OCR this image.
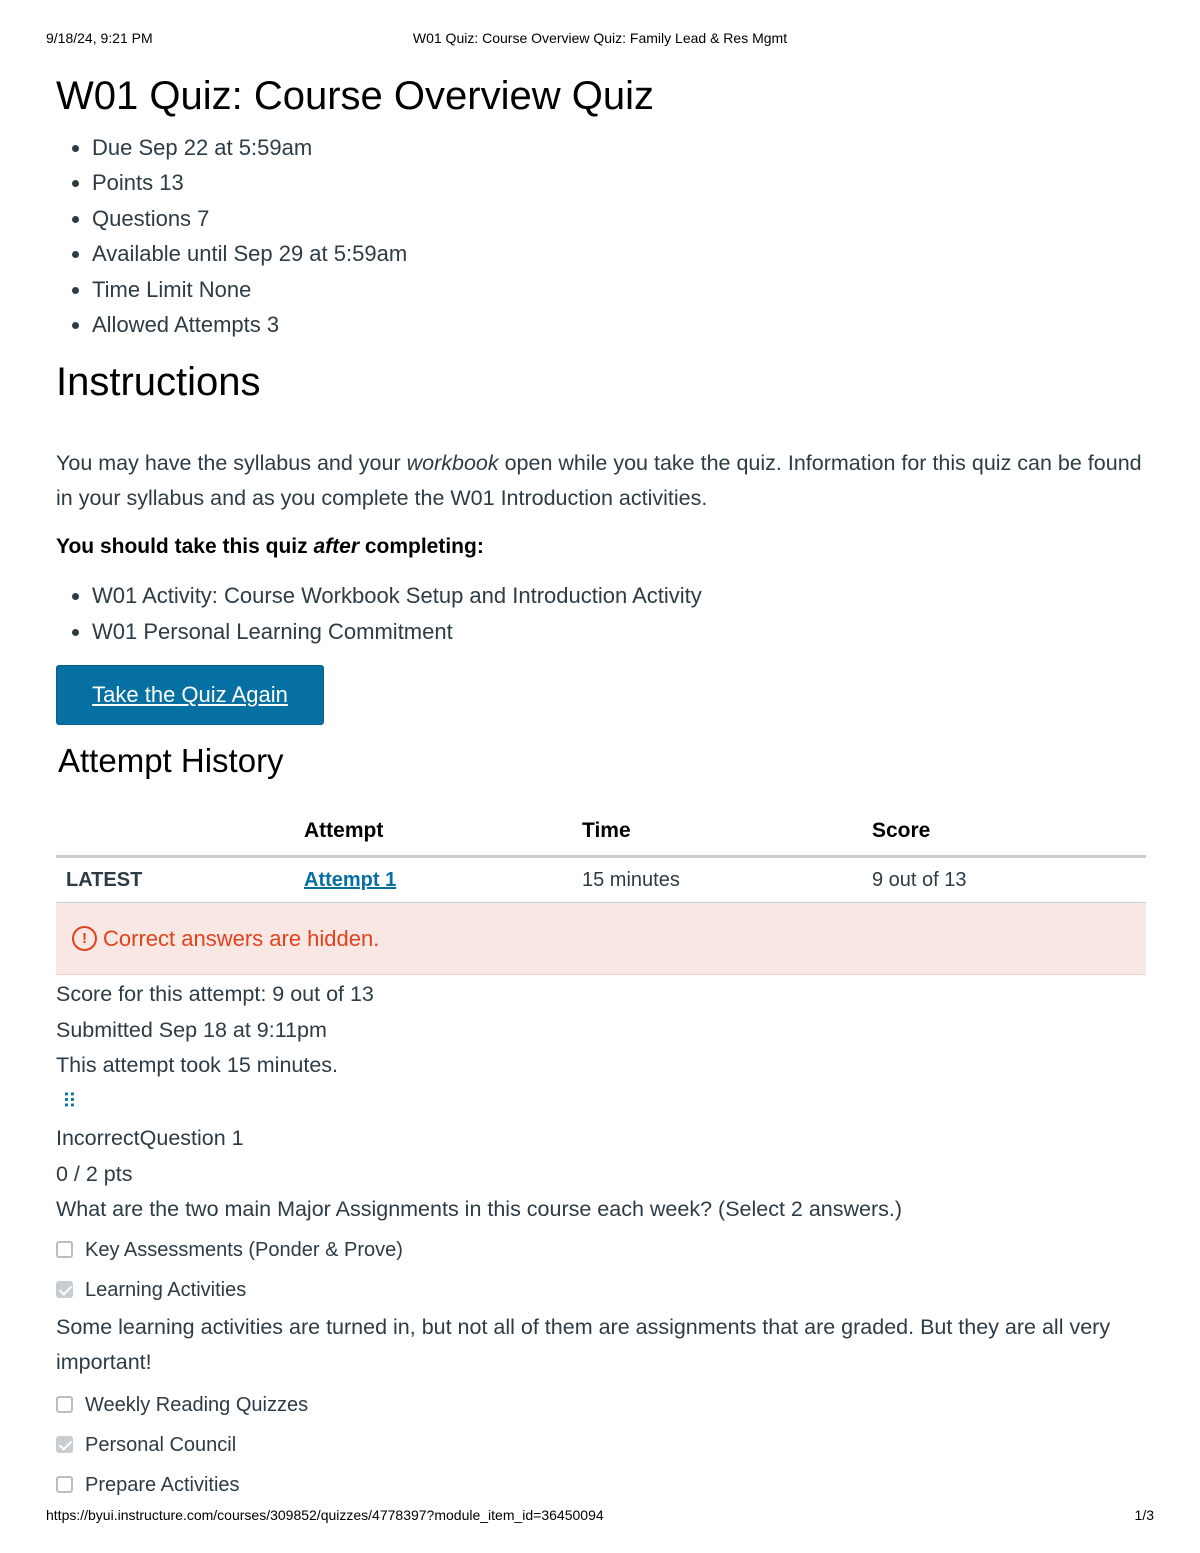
9/18/24, 9:21 PM	W01 Quiz: Course Overview Quiz: Family Lead & Res Mgmt
W01 Quiz: Course Overview Quiz
• Due Sep 22 at 5:59am
• Points 13
• Questions 7
• Available until Sep 29 at 5:59am
• Time Limit None
• Allowed Attempts 3
Instructions

You may have the syllabus and your workbook open while you take the quiz. Information for this quiz can be found in your syllabus and as you complete the W01 Introduction activities.

You should take this quiz after completing:

• W01 Activity: Course Workbook Setup and Introduction Activity
• W01 Personal Learning Commitment
Take the Quiz Again
Attempt History
	Attempt	Time	Score
LATEST	Attempt 1	15 minutes	9 out of 13
! Correct answers are hidden.
Score for this attempt: 9 out of 13
Submitted Sep 18 at 9:11pm
This attempt took 15 minutes.
⠿
IncorrectQuestion 1
0 / 2 pts
What are the two main Major Assignments in this course each week? (Select 2 answers.)
Key Assessments (Ponder & Prove)
Learning Activities
Some learning activities are turned in, but not all of them are assignments that are graded. But they are all very important!
Weekly Reading Quizzes
Personal Council
Prepare Activities
https://byui.instructure.com/courses/309852/quizzes/4778397?module_item_id=36450094	1/3
